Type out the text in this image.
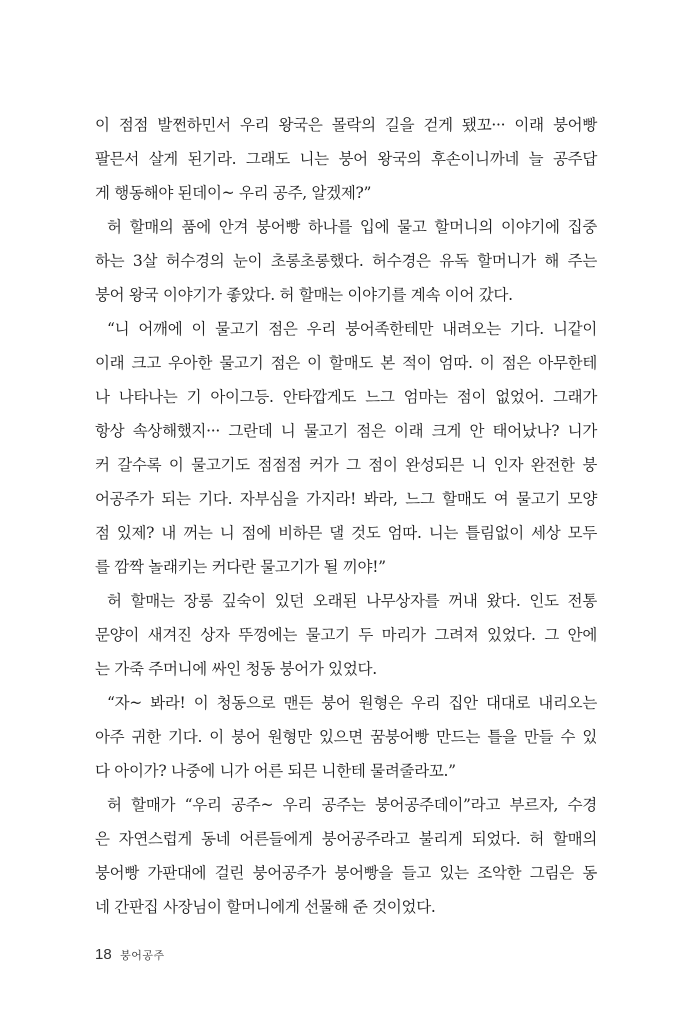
이 점점 발쩐하민서 우리 왕국은 몰락의 길을 걷게 됐꼬··· 이래 붕어빵
팔믄서 살게 된기라. 그래도 니는 붕어 왕국의 후손이니까네 늘 공주답
게 행동해야 된데이~ 우리 공주, 알겠제?”
허 할매의 품에 안겨 붕어빵 하나를 입에 물고 할머니의 이야기에 집중
하는 3살 허수경의 눈이 초롱초롱했다. 허수경은 유독 할머니가 해 주는
붕어 왕국 이야기가 좋았다. 허 할매는 이야기를 계속 이어 갔다.
“니 어깨에 이 물고기 점은 우리 붕어족한테만 내려오는 기다. 니같이
이래 크고 우아한 물고기 점은 이 할매도 본 적이 엄따. 이 점은 아무한테
나 나타나는 기 아이그등. 안타깝게도 느그 엄마는 점이 없었어. 그래가
항상 속상해했지··· 그란데 니 물고기 점은 이래 크게 안 태어났나? 니가
커 갈수록 이 물고기도 점점점 커가 그 점이 완성되믄 니 인자 완전한 붕
어공주가 되는 기다. 자부심을 가지라! 봐라, 느그 할매도 여 물고기 모양
점 있제? 내 꺼는 니 점에 비하믄 댈 것도 엄따. 니는 틀림없이 세상 모두
를 깜짝 놀래키는 커다란 물고기가 될 끼야!”
허 할매는 장롱 깊숙이 있던 오래된 나무상자를 꺼내 왔다. 인도 전통
문양이 새겨진 상자 뚜껑에는 물고기 두 마리가 그려져 있었다. 그 안에
는 가죽 주머니에 싸인 청동 붕어가 있었다.
“자~ 봐라! 이 청동으로 맨든 붕어 원형은 우리 집안 대대로 내리오는
아주 귀한 기다. 이 붕어 원형만 있으면 꿈붕어빵 만드는 틀을 만들 수 있
다 아이가? 나중에 니가 어른 되믄 니한테 물려줄라꼬.”
허 할매가 “우리 공주~ 우리 공주는 붕어공주데이”라고 부르자, 수경
은 자연스럽게 동네 어른들에게 붕어공주라고 불리게 되었다. 허 할매의
붕어빵 가판대에 걸린 붕어공주가 붕어빵을 들고 있는 조악한 그림은 동
네 간판집 사장님이 할머니에게 선물해 준 것이었다.
18 붕어공주
